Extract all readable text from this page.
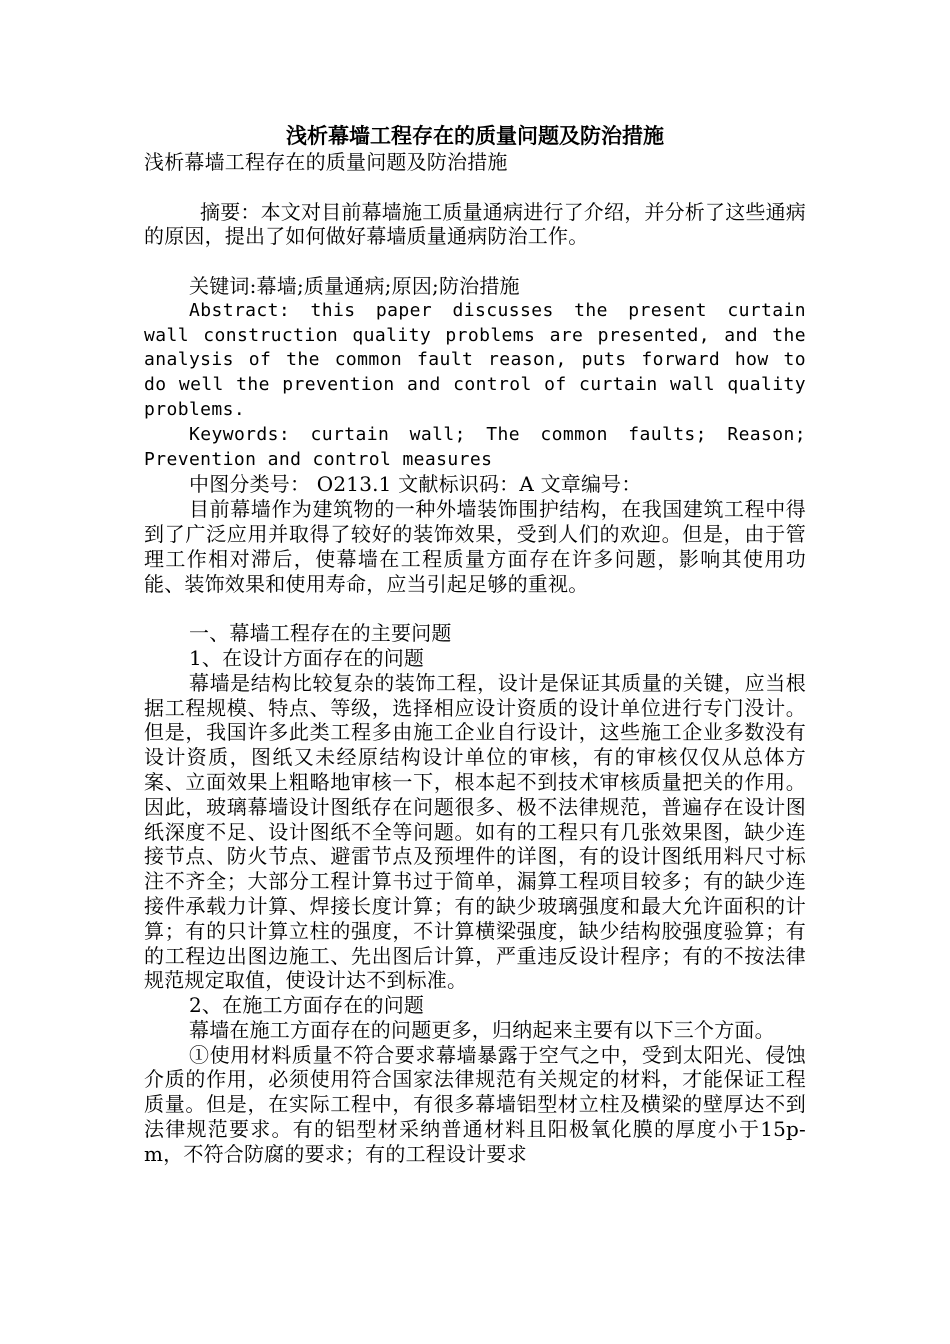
浅析幕墙工程存在的质量问题及防治措施

浅析幕墙工程存在的质量问题及防治措施

摘要：本文对目前幕墙施工质量通病进行了介绍，并分析了这些通病的原因，提出了如何做好幕墙质量通病防治工作。

关键词:幕墙;质量通病;原因;防治措施

Abstract: this paper discusses the present curtain wall construction quality problems are presented, and the analysis of the common fault reason, puts forward how to do well the prevention and control of curtain wall quality problems.

Keywords: curtain wall; The common faults; Reason; Prevention and control measures

中图分类号： O213.1 文献标识码：A 文章编号：

目前幕墙作为建筑物的一种外墙装饰围护结构，在我国建筑工程中得到了广泛应用并取得了较好的装饰效果，受到人们的欢迎。但是，由于管理工作相对滞后，使幕墙在工程质量方面存在许多问题，影响其使用功能、装饰效果和使用寿命，应当引起足够的重视。

一、幕墙工程存在的主要问题

1、在设计方面存在的问题

幕墙是结构比较复杂的装饰工程，设计是保证其质量的关键，应当根据工程规模、特点、等级，选择相应设计资质的设计单位进行专门没计。但是，我国许多此类工程多由施工企业自行设计，这些施工企业多数没有设计资质，图纸又未经原结构设计单位的审核，有的审核仅仅从总体方案、立面效果上粗略地审核一下，根本起不到技术审核质量把关的作用。因此，玻璃幕墙设计图纸存在问题很多、极不法律规范，普遍存在设计图纸深度不足、设计图纸不全等问题。如有的工程只有几张效果图，缺少连接节点、防火节点、避雷节点及预埋件的详图，有的设计图纸用料尺寸标注不齐全；大部分工程计算书过于简单，漏算工程项目较多；有的缺少连接件承载力计算、焊接长度计算；有的缺少玻璃强度和最大允许面积的计算；有的只计算立柱的强度，不计算横梁强度，缺少结构胶强度验算；有的工程边出图边施工、先出图后计算，严重违反设计程序；有的不按法律规范规定取值，使设计达不到标准。

2、在施工方面存在的问题

幕墙在施工方面存在的问题更多，归纳起来主要有以下三个方面。

①使用材料质量不符合要求幕墙暴露于空气之中，受到太阳光、侵蚀介质的作用，必须使用符合国家法律规范有关规定的材料，才能保证工程质量。但是，在实际工程中，有很多幕墙铝型材立柱及横梁的壁厚达不到法律规范要求。有的铝型材采纳普通材料且阳极氧化膜的厚度小于15p-m，不符合防腐的要求；有的工程设计要求
